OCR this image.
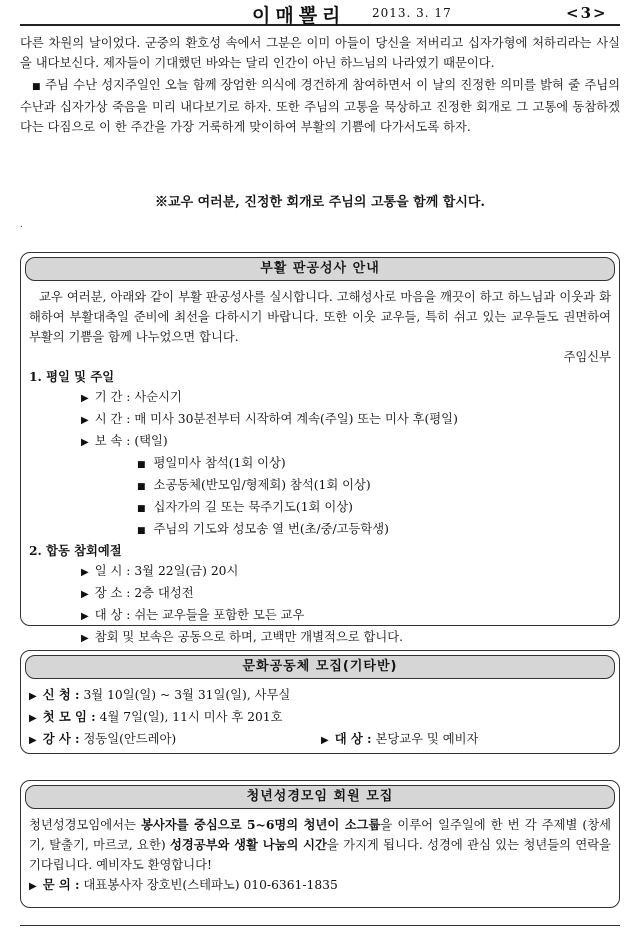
이매뽈리 2013. 3. 17	<3>

다른 차원의 날이었다. 군중의 환호성 속에서 그분은 이미 아들이 당신을 저버리고 십자가형에 처하리라는 사실을 내다보신다. 제자들이 기대했던 바와는 달리 인간이 아닌 하느님의 나라였기 때문이다.

■ 주님 수난 성지주일인 오늘 함께 장엄한 의식에 경건하게 참여하면서 이 날의 진정한 의미를 밝혀 줄 주님의 수난과 십자가상 죽음을 미리 내다보기로 하자. 또한 주님의 고통을 묵상하고 진정한 회개로 그 고통에 동참하겠다는 다짐으로 이 한 주간을 가장 거룩하게 맞이하여 부활의 기쁨에 다가서도록 하자.

※교우 여러분, 진정한 회개로 주님의 고통을 함께 합시다.
.
부활 판공성사 안내

교우 여러분, 아래와 같이 부활 판공성사를 실시합니다. 고해성사로 마음을 깨끗이 하고 하느님과 이웃과 화해하여 부활대축일 준비에 최선을 다하시기 바랍니다. 또한 이웃 교우들, 특히 쉬고 있는 교우들도 권면하여 부활의 기쁨을 함께 나누었으면 합니다.

주임신부

1. 평일 및 주일

▶ 기 간 : 사순시기

▶ 시 간 : 매 미사 30분전부터 시작하여 계속(주일) 또는 미사 후(평일)

▶ 보 속 : (택일)

■ 평일미사 참석(1회 이상)

■ 소공동체(반모임/형제회) 참석(1회 이상)

■ 십자가의 길 또는 묵주기도(1회 이상)

■ 주님의 기도와 성모송 열 번(초/중/고등학생)

2. 합동 참회예절

▶ 일 시 : 3월 22일(금) 20시

▶ 장 소 : 2층 대성전

▶ 대 상 : 쉬는 교우들을 포함한 모든 교우

▶ 참회 및 보속은 공동으로 하며, 고백만 개별적으로 합니다.

문화공동체 모집(기타반)

▶ 신 청 : 3월 10일(일) ~ 3월 31일(일), 사무실

▶ 첫 모 임 : 4월 7일(일), 11시 미사 후 201호

▶ 강 사 : 정동일(안드레아)	▶ 대 상 : 본당교우 및 예비자
청년성경모임 회원 모집

청년성경모임에서는 봉사자를 중심으로 5~6명의 청년이 소그룹을 이루어 일주일에 한 번 각 주제별 (창세기, 탈출기, 마르코, 요한) 성경공부와 생활 나눔의 시간을 가지게 됩니다. 성경에 관심 있는 청년들의 연락을 기다립니다. 예비자도 환영합니다!

▶ 문 의 : 대표봉사자 장호빈(스테파노) 010-6361-1835
